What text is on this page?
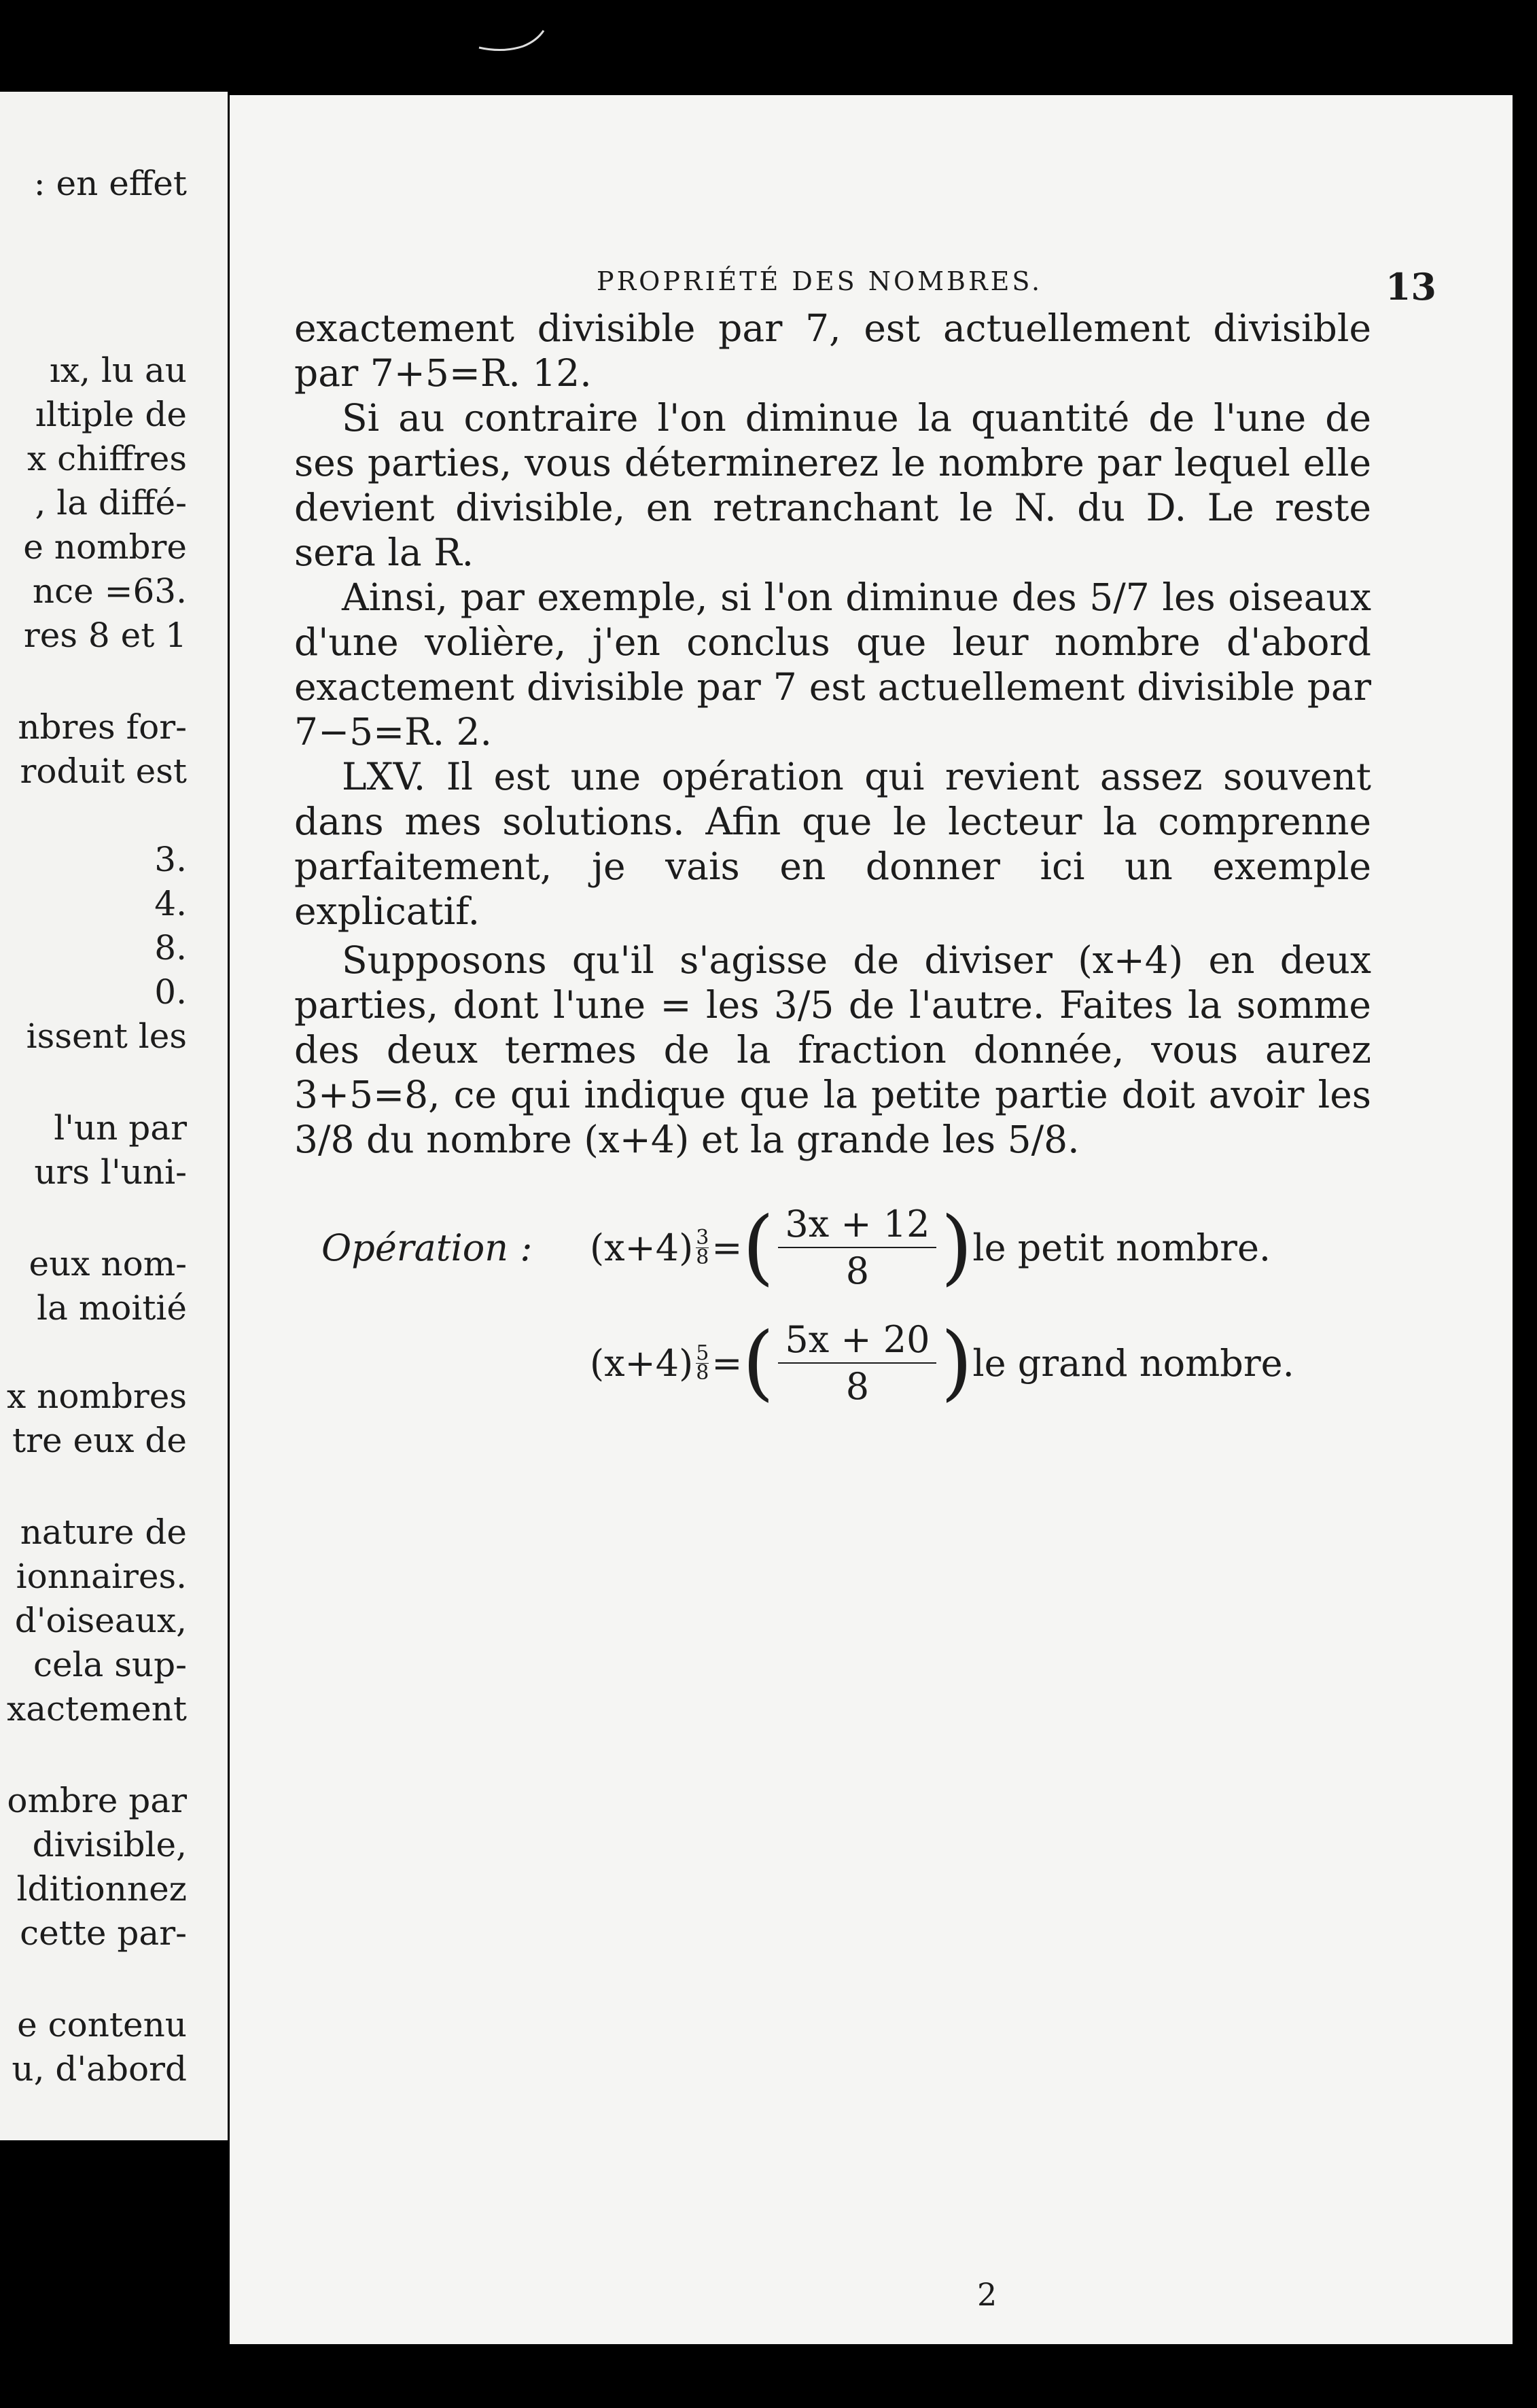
: en effet
ıx, lu au
ıltiple de
x chiffres
, la diffé-
e nombre
nce =63.
res 8 et 1
nbres for-
roduit est
3.
4.
8.
0.
issent les
l'un par
urs l'uni-
eux nom-
la moitié
x nombres
tre eux de
nature de
ionnaires.
d'oiseaux,
cela sup-
xactement
ombre par
divisible,
lditionnez
cette par-
e contenu
u, d'abord
PROPRIÉTÉ DES NOMBRES.	13

exactement divisible par 7, est actuellement divisible par 7+5=R. 12.

Si au contraire l'on diminue la quantité de l'une de ses parties, vous déterminerez le nombre par lequel elle devient divisible, en retranchant le N. du D. Le reste sera la R.

Ainsi, par exemple, si l'on diminue des 5/7 les oiseaux d'une volière, j'en conclus que leur nombre d'abord exactement divisible par 7 est actuellement divisible par 7−5=R. 2.

LXV. Il est une opération qui revient assez souvent dans mes solutions. Afin que le lecteur la comprenne parfaitement, je vais en donner ici un exemple explicatif.

Supposons qu'il s'agisse de diviser (x+4) en deux parties, dont l'une = les 3/5 de l'autre. Faites la somme des deux termes de la fraction donnée, vous aurez 3+5=8, ce qui indique que la petite partie doit avoir les 3/8 du nombre (x+4) et la grande les 5/8.

Opération :	$(x+4) \frac{3}{8}$ = ( $\frac{3x + 12}{8}$ ) le petit nombre.
$(x+4) \frac{5}{8}$ = ( $\frac{5x + 20}{8}$ ) le grand nombre.
2
